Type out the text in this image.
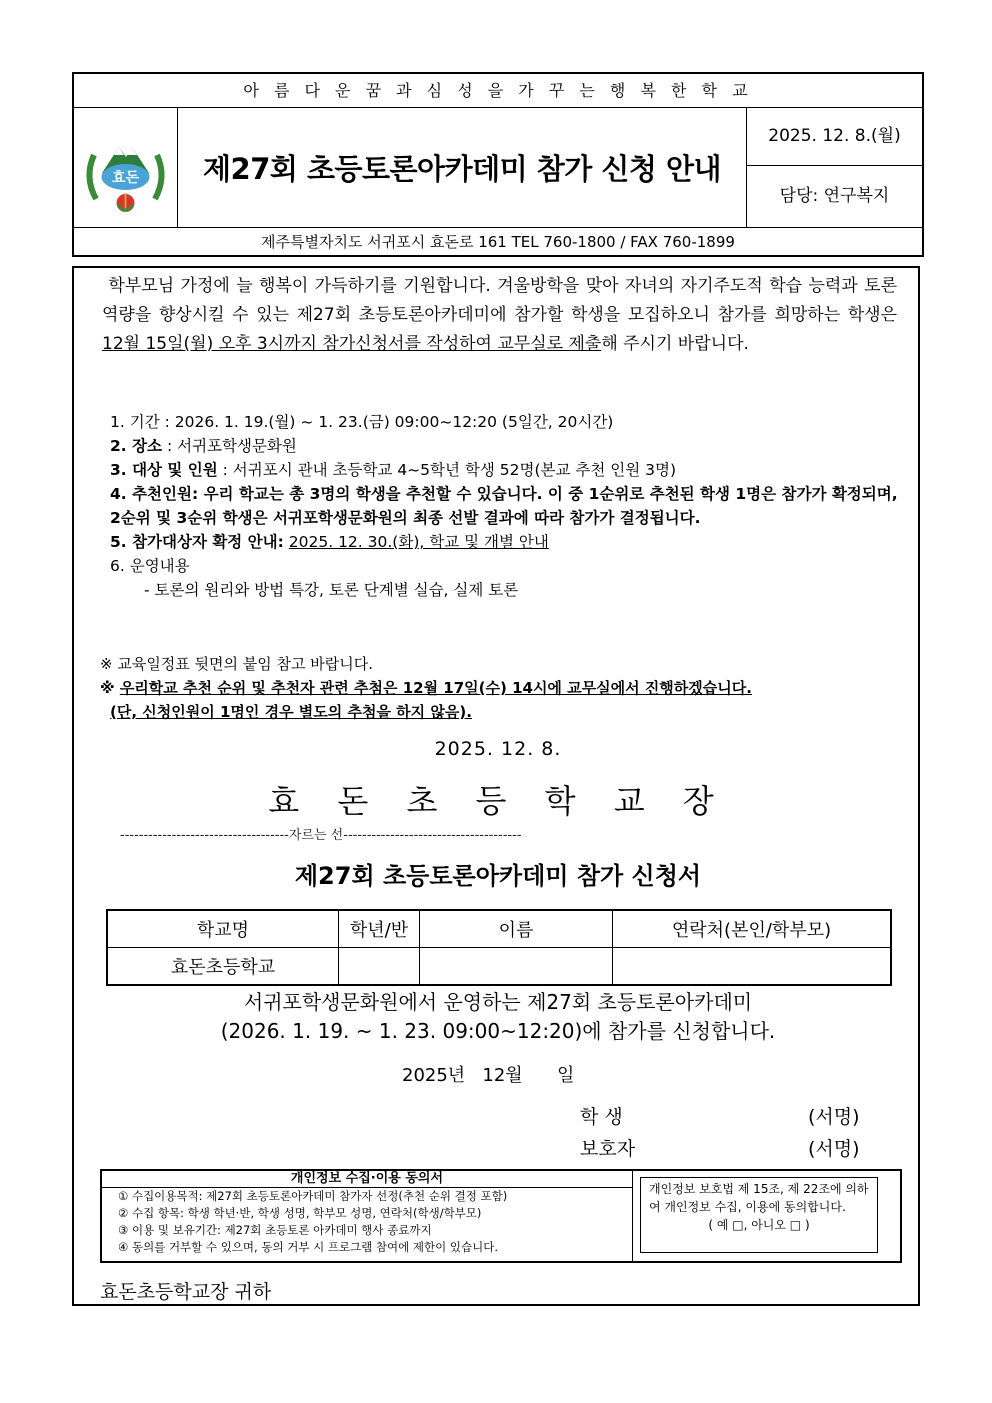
아 름 다 운 꿈 과 심 성 을 가 꾸 는 행 복 한 학 교
효돈	제27회 초등토론아카데미 참가 신청 안내
2025. 12. 8.(월)
담당: 연구복지
제주특별자치도 서귀포시 효돈로 161 TEL 760-1800 / FAX 760-1899
학부모님 가정에 늘 행복이 가득하기를 기원합니다. 겨울방학을 맞아 자녀의 자기주도적 학습 능력과 토론 역량을 향상시킬 수 있는 제27회 초등토론아카데미에 참가할 학생을 모집하오니 참가를 희망하는 학생은 12월 15일(월) 오후 3시까지 참가신청서를 작성하여 교무실로 제출해 주시기 바랍니다.
1. 기간 : 2026. 1. 19.(월) ~ 1. 23.(금) 09:00~12:20 (5일간, 20시간)
2. 장소 : 서귀포학생문화원
3. 대상 및 인원 : 서귀포시 관내 초등학교 4~5학년 학생 52명(본교 추천 인원 3명)
4. 추천인원: 우리 학교는 총 3명의 학생을 추천할 수 있습니다. 이 중 1순위로 추천된 학생 1명은 참가가 확정되며, 2순위 및 3순위 학생은 서귀포학생문화원의 최종 선발 결과에 따라 참가가 결정됩니다.
5. 참가대상자 확정 안내: 2025. 12. 30.(화), 학교 및 개별 안내
6. 운영내용
- 토론의 원리와 방법 특강, 토론 단계별 실습, 실제 토론
※ 교육일정표 뒷면의 붙임 참고 바랍니다.
※ 우리학교 추천 순위 및 추천자 관련 추첨은 12월 17일(수) 14시에 교무실에서 진행하겠습니다.
(단, 신청인원이 1명인 경우 별도의 추첨을 하지 않음).
2025. 12. 8.
효 돈 초 등 학 교 장
------------------------------------자르는 선--------------------------------------
제27회 초등토론아카데미 참가 신청서
학교명	학년/반	이름	연락처(본인/학부모)
효돈초등학교			
서귀포학생문화원에서 운영하는 제27회 초등토론아카데미
(2026. 1. 19. ~ 1. 23. 09:00~12:20)에 참가를 신청합니다.
2025년 12월 일
학 생	(서명)
보호자	(서명)
개인정보 수집·이용 동의서
① 수집이용목적: 제27회 초등토론아카데미 참가자 선정(추천 순위 결정 포함)
② 수집 항목: 학생 학년·반, 학생 성명, 학부모 성명, 연락처(학생/학부모)
③ 이용 및 보유기간: 제27회 초등토론 아카데미 행사 종료까지
④ 동의를 거부할 수 있으며, 동의 거부 시 프로그램 참여에 제한이 있습니다.
개인정보 보호법 제 15조, 제 22조에 의하여 개인정보 수집, 이용에 동의합니다.
( 예 □, 아니오 □ )
효돈초등학교장 귀하
